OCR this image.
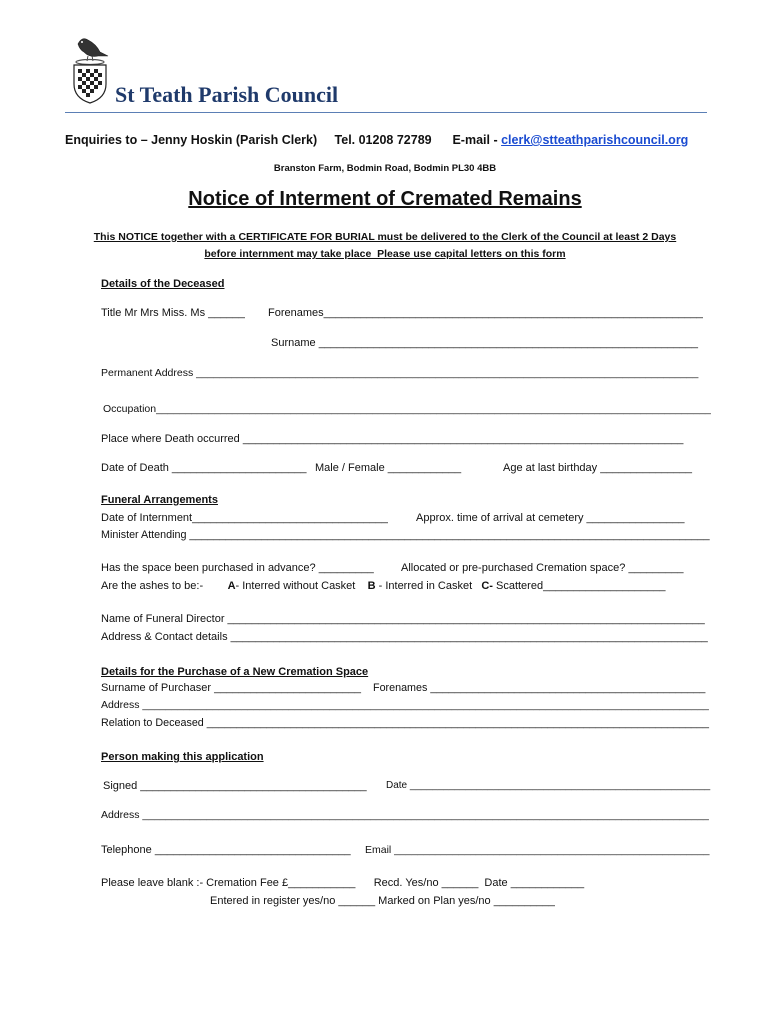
St Teath Parish Council
Enquiries to – Jenny Hoskin (Parish Clerk) Tel. 01208 72789 E-mail - clerk@stteathparishcouncil.org
Branston Farm, Bodmin Road, Bodmin PL30 4BB
Notice of Interment of Cremated Remains
This NOTICE together with a CERTIFICATE FOR BURIAL must be delivered to the Clerk of the Council at least 2 Days
before internment may take place  Please use capital letters on this form
Details of the Deceased
Title Mr Mrs Miss. Ms ______ Forenames______________________________________________________________
Surname ______________________________________________________________
Permanent Address ______________________________________________________________________________________
Occupation_______________________________________________________________________________________________
Place where Death occurred ________________________________________________________________________
Date of Death ______________________ Male / Female ____________	Age at last birthday _______________
Funeral Arrangements
Date of Internment________________________________	Approx. time of arrival at cemetery ________________
Minister Attending _______________________________________________________________________________________
Has the space been purchased in advance? _________ Allocated or pre-purchased Cremation space? _________
Are the ashes to be:- A- Interred without Casket B - Interred in Casket C- Scattered____________________
Name of Funeral Director ______________________________________________________________________________
Address & Contact details ______________________________________________________________________________
Details for the Purchase of a New Cremation Space
Surname of Purchaser ________________________ Forenames ______________________________________________
Address _________________________________________________________________________________________________
Relation to Deceased ____________________________________________________________________________________
Person making this application
Signed _____________________________________ Date ______________________________________________________
Address _________________________________________________________________________________________________
Telephone ________________________________ Email ______________________________________________________
Please leave blank :- Cremation Fee £___________      Recd. Yes/no ______  Date ____________
Entered in register yes/no ______ Marked on Plan yes/no __________
